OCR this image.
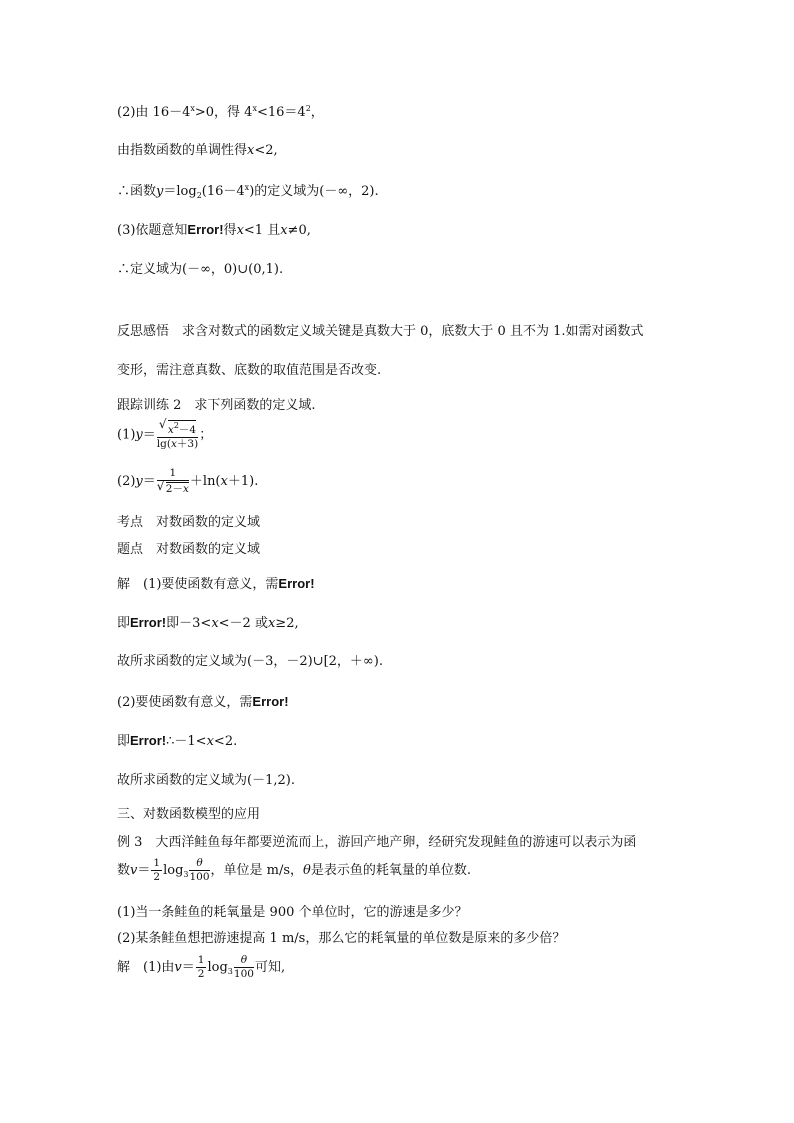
(2)由 $16-4^x>0$，得 $4^x<16=4^2$，
由指数函数的单调性得x<2,
∴函数$y=\log_2(16-4^x)$的定义域为(－∞，2).
(3)依题意知Error!得x<1 且x≠0,
∴定义域为(－∞，0)∪(0,1).
反思感悟　求含对数式的函数定义域关键是真数大于 0，底数大于 0 且不为 1.如需对函数式
变形，需注意真数、底数的取值范围是否改变.
跟踪训练 2　求下列函数的定义域.
(1)y＝
√ $\frac{x^2-4}{\lg(x+3)}$ ；
(2)y＝ 1
√ 2－x ＋ln(x＋1).
考点　对数函数的定义域
题点　对数函数的定义域
解　(1)要使函数有意义，需Error!
即Error!即－3<x<－2 或x≥2,
故所求函数的定义域为(－3，－2)∪[2，＋∞).
(2)要使函数有意义，需Error!
即Error!∴－1<x<2.
故所求函数的定义域为(－1,2).
三、对数函数模型的应用
例 3　大西洋鲑鱼每年都要逆流而上，游回产地产卵，经研究发现鲑鱼的游速可以表示为函
数$v= \frac{1}{2} \log_3 \frac{\theta}{100}$ ，单位是 m/s，θ是表示鱼的耗氧量的单位数.
(1)当一条鲑鱼的耗氧量是 900 个单位时，它的游速是多少？
(2)某条鲑鱼想把游速提高 1 m/s，那么它的耗氧量的单位数是原来的多少倍？
解　(1)由$v= \frac{1}{2} \log_3 \frac{\theta}{100}$ 可知,
